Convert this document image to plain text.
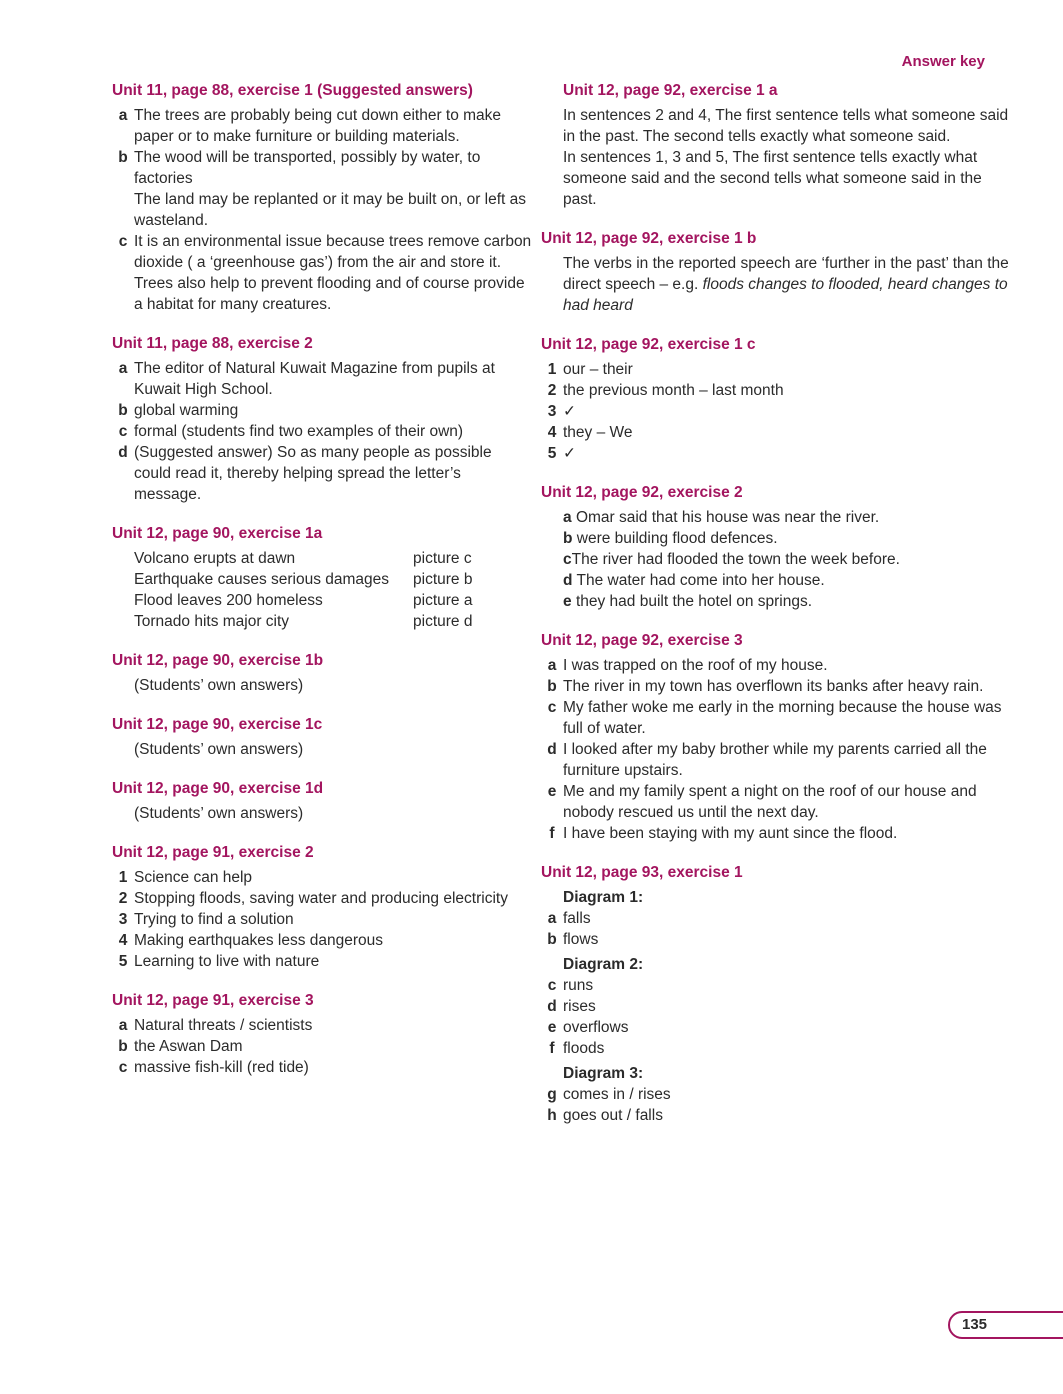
Answer key
Unit 11, page 88, exercise 1 (Suggested answers)
a The trees are probably being cut down either to make paper or to make furniture or building materials.
b The wood will be transported, possibly by water, to factories
The land may be replanted or it may be built on, or left as wasteland.
c It is an environmental issue because trees remove carbon dioxide ( a ‘greenhouse gas’) from the air and store it. Trees also help to prevent flooding and of course provide a habitat for many creatures.
Unit 11, page 88, exercise 2
a The editor of Natural Kuwait Magazine from pupils at Kuwait High School.
b global warming
c formal (students find two examples of their own)
d (Suggested answer) So as many people as possible could read it, thereby helping spread the letter’s message.
Unit 12, page 90, exercise 1a
Volcano erupts at dawn	picture c
Earthquake causes serious damages	picture b
Flood leaves 200 homeless	picture a
Tornado hits major city	picture d
Unit 12, page 90, exercise 1b
(Students’ own answers)
Unit 12, page 90, exercise 1c
(Students’ own answers)
Unit 12, page 90, exercise 1d
(Students’ own answers)
Unit 12, page 91, exercise 2
1 Science can help
2 Stopping floods, saving water and producing electricity
3 Trying to find a solution
4 Making earthquakes less dangerous
5 Learning to live with nature
Unit 12, page 91, exercise 3
a Natural threats / scientists
b the Aswan Dam
c massive fish-kill (red tide)
Unit 12, page 92, exercise 1 a
In sentences 2 and 4, The first sentence tells what someone said in the past. The second tells exactly what someone said.
In sentences 1, 3 and 5, The first sentence tells exactly what someone said and the second tells what someone said in the past.
Unit 12, page 92, exercise 1 b
The verbs in the reported speech are ‘further in the past’ than the direct speech – e.g. floods changes to flooded, heard changes to had heard
Unit 12, page 92, exercise 1 c
1 our – their
2 the previous month – last month
3 ✓
4 they – We
5 ✓
Unit 12, page 92, exercise 2
a Omar said that his house was near the river.
b were building flood defences.
cThe river had flooded the town the week before.
d The water had come into her house.
e they had built the hotel on springs.
Unit 12, page 92, exercise 3
a I was trapped on the roof of my house.
b The river in my town has overflown its banks after heavy rain.
c My father woke me early in the morning because the house was full of water.
d I looked after my baby brother while my parents carried all the furniture upstairs.
e Me and my family spent a night on the roof of our house and nobody rescued us until the next day.
f I have been staying with my aunt since the flood.
Unit 12, page 93, exercise 1
Diagram 1:
a falls
b flows
Diagram 2:
c runs
d rises
e overflows
f floods
Diagram 3:
g comes in / rises
h goes out / falls
135
